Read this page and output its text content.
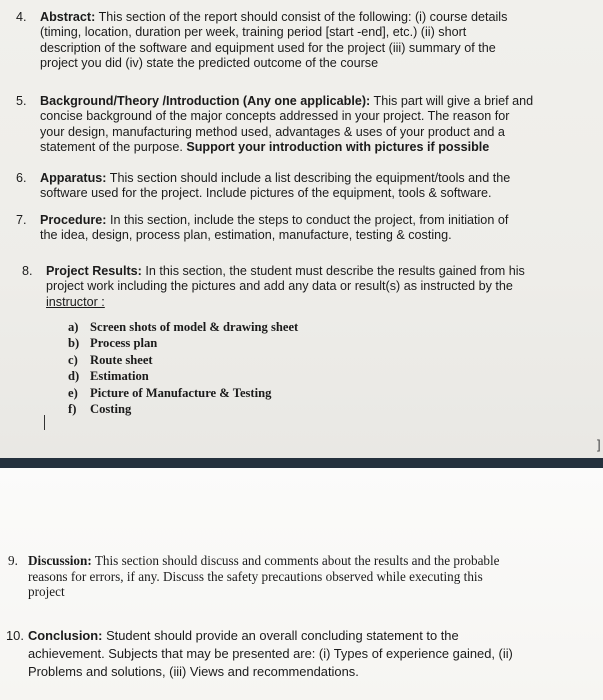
4. Abstract: This section of the report should consist of the following: (i) course details
(timing, location, duration per week, training period [start -end], etc.) (ii) short
description of the software and equipment used for the project (iii) summary of the
project you did (iv) state the predicted outcome of the course
5. Background/Theory /Introduction (Any one applicable): This part will give a brief and
concise background of the major concepts addressed in your project. The reason for
your design, manufacturing method used, advantages & uses of your product and a
statement of the purpose. Support your introduction with pictures if possible
6. Apparatus: This section should include a list describing the equipment/tools and the
software used for the project. Include pictures of the equipment, tools & software.
7. Procedure: In this section, include the steps to conduct the project, from initiation of
the idea, design, process plan, estimation, manufacture, testing & costing.
8. Project Results: In this section, the student must describe the results gained from his
project work including the pictures and add any data or result(s) as instructed by the
instructor :
a) Screen shots of model & drawing sheet
b) Process plan
c) Route sheet
d) Estimation
e) Picture of Manufacture & Testing
f)	Costing
]
9. Discussion: This section should discuss and comments about the results and the probable
reasons for errors, if any. Discuss the safety precautions observed while executing this
project
10. Conclusion: Student should provide an overall concluding statement to the
achievement. Subjects that may be presented are: (i) Types of experience gained, (ii)
Problems and solutions, (iii) Views and recommendations.
